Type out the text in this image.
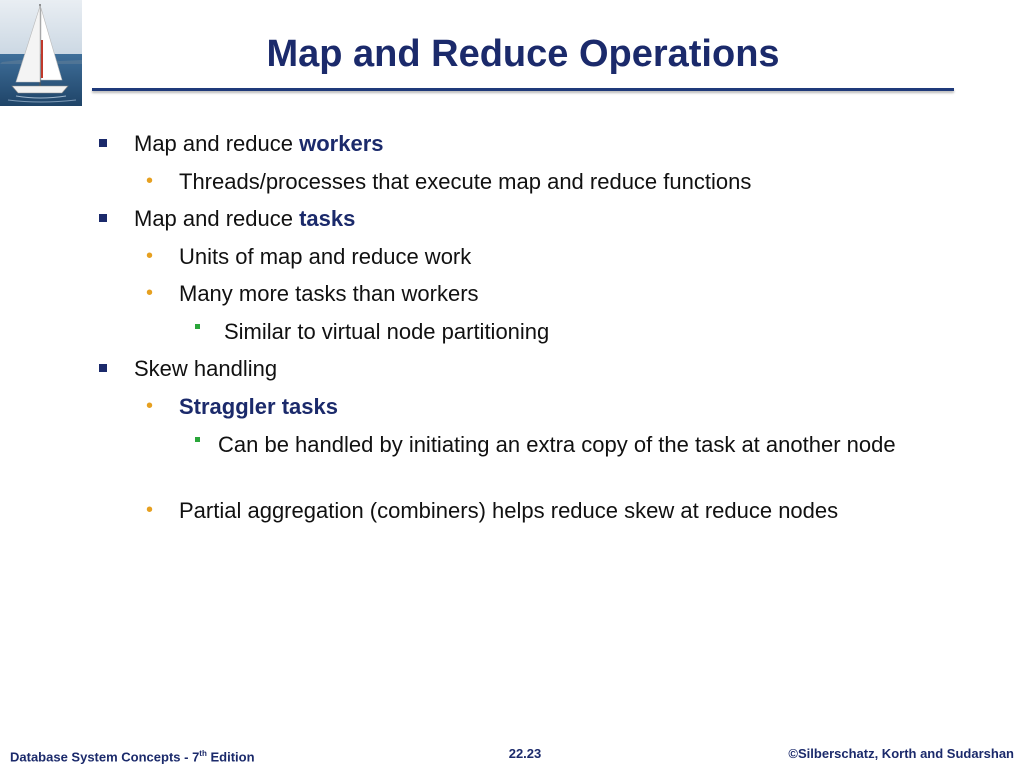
Map and Reduce Operations
Map and reduce workers
• Threads/processes that execute map and reduce functions
Map and reduce tasks
• Units of map and reduce work
• Many more tasks than workers
Similar to virtual node partitioning
Skew handling
• Straggler tasks
Can be handled by initiating an extra copy of the task at another node
• Partial aggregation (combiners) helps reduce skew at reduce nodes
Database System Concepts - 7th Edition	22.23	©Silberschatz, Korth and Sudarshan
